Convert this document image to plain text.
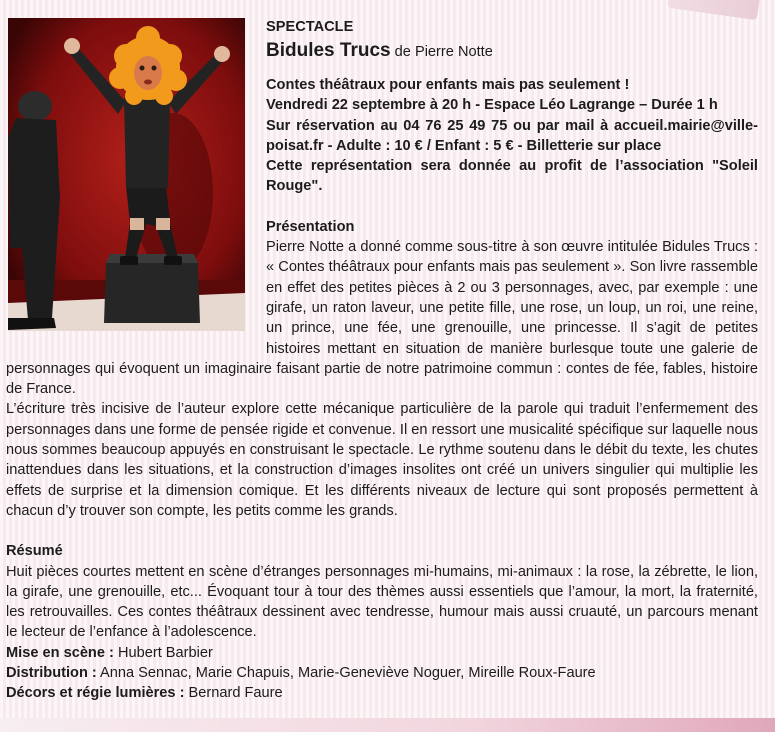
SPECTACLE
Bidules Trucs de Pierre Notte

Contes théâtraux pour enfants mais pas seulement !

Vendredi 22 septembre à 20 h - Espace Léo Lagrange – Durée 1 h

Sur réservation au 04 76 25 49 75 ou par mail à accueil.mairie@ville-poisat.fr - Adulte : 10 € / Enfant : 5 € - Billetterie sur place

Cette représentation sera donnée au profit de l’association "Soleil Rouge".

Présentation

Pierre Notte a donné comme sous-titre à son œuvre intitulée Bidules Trucs : « Contes théâtraux pour enfants mais pas seulement ». Son livre rassemble en effet des petites pièces à 2 ou 3 personnages, avec, par exemple : une girafe, un raton laveur, une petite fille, une rose, un loup, un roi, une reine, un prince, une fée, une grenouille, une princesse. Il s’agit de petites histoires mettant en situation de manière burlesque toute une galerie de personnages qui évoquent un imaginaire faisant partie de notre patrimoine commun : contes de fée, fables, histoire de France.

L’écriture très incisive de l’auteur explore cette mécanique particulière de la parole qui traduit l’enfermement des personnages dans une forme de pensée rigide et convenue. Il en ressort une musicalité spécifique sur laquelle nous nous sommes beaucoup appuyés en construisant le spectacle. Le rythme soutenu dans le débit du texte, les chutes inattendues dans les situations, et la construction d’images insolites ont créé un univers singulier qui multiplie les effets de surprise et la dimension comique. Et les différents niveaux de lecture qui sont proposés permettent à chacun d’y trouver son compte, les petits comme les grands.

Résumé

Huit pièces courtes mettent en scène d’étranges personnages mi-humains, mi-animaux : la rose, la zébrette, le lion, la girafe, une grenouille, etc... Évoquant tour à tour des thèmes aussi essentiels que l’amour, la mort, la fraternité, les retrouvailles. Ces contes théâtraux dessinent avec tendresse, humour mais aussi cruauté, un parcours menant le lecteur de l’enfance à l’adolescence.

Mise en scène : Hubert Barbier

Distribution : Anna Sennac, Marie Chapuis, Marie-Geneviève Noguer, Mireille Roux-Faure

Décors et régie lumières : Bernard Faure
